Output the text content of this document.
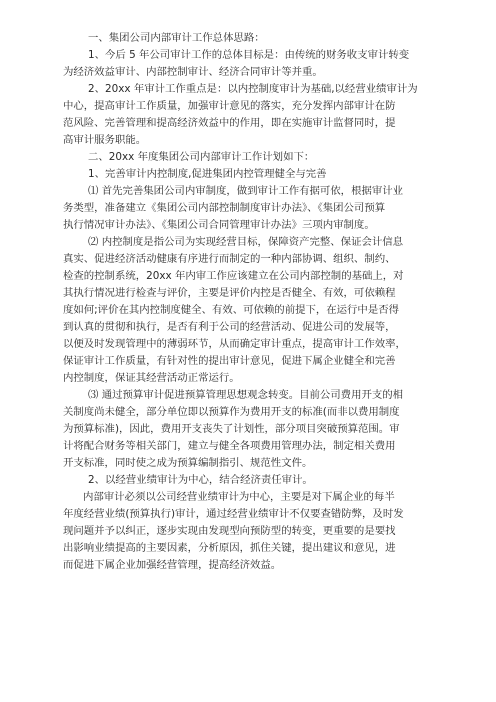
一、集团公司内部审计工作总体思路：

1、今后 5 年公司审计工作的总体目标是：由传统的财务收支审计转变
为经济效益审计、内部控制审计、经济合同审计等并重。

2、20xx 年审计工作重点是：以内控制度审计为基础,以经营业绩审计为
中心，提高审计工作质量，加强审计意见的落实，充分发挥内部审计在防
范风险、完善管理和提高经济效益中的作用，即在实施审计监督同时，提
高审计服务职能。

二、20xx 年度集团公司内部审计工作计划如下：

1、完善审计内控制度,促进集团内控管理健全与完善

⑴ 首先完善集团公司内审制度，做到审计工作有据可依，根据审计业
务类型，准备建立《集团公司内部控制制度审计办法》、《集团公司预算
执行情况审计办法》、《集团公司合同管理审计办法》三项内审制度。

⑵ 内控制度是指公司为实现经营目标，保障资产完整、保证会计信息
真实、促进经济活动健康有序进行而制定的一种内部协调、组织、制约、
检查的控制系统，20xx 年内审工作应该建立在公司内部控制的基础上，对
其执行情况进行检查与评价，主要是评价内控是否健全、有效，可依赖程
度如何;评价在其内控制度健全、有效、可依赖的前提下，在运行中是否得
到认真的贯彻和执行，是否有利于公司的经营活动、促进公司的发展等，
以便及时发现管理中的薄弱环节，从而确定审计重点，提高审计工作效率，
保证审计工作质量，有针对性的提出审计意见，促进下属企业健全和完善
内控制度，保证其经营活动正常运行。

⑶ 通过预算审计促进预算管理思想观念转变。目前公司费用开支的相
关制度尚未健全，部分单位即以预算作为费用开支的标准(而非以费用制度
为预算标准)，因此，费用开支丧失了计划性，部分项目突破预算范围。审
计将配合财务等相关部门，建立与健全各项费用管理办法，制定相关费用
开支标准，同时使之成为预算编制指引、规范性文件。

2、以经营业绩审计为中心，结合经济责任审计。

内部审计必须以公司经营业绩审计为中心，主要是对下属企业的每半
年度经营业绩(预算执行)审计，通过经营业绩审计不仅要查错防弊，及时发
现问题并予以纠正，逐步实现由发现型向预防型的转变，更重要的是要找
出影响业绩提高的主要因素，分析原因，抓住关键，提出建议和意见，进
而促进下属企业加强经营管理，提高经济效益。
